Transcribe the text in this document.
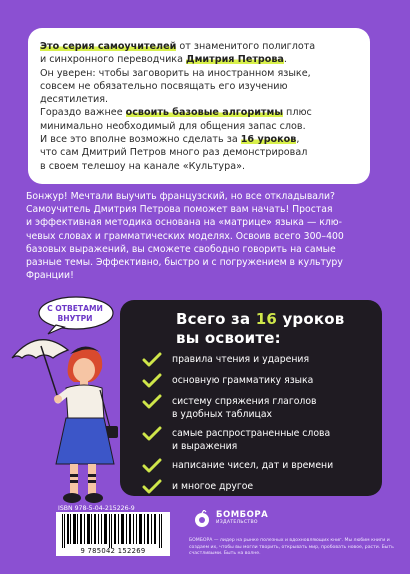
Это серия самоучителей от знаменитого полиглота

и синхронного переводчика Дмитрия Петрова.

Он уверен: чтобы заговорить на иностранном языке,

совсем не обязательно посвящать его изучению десятилетия.

Гораздо важнее освоить базовые алгоритмы плюс

минимально необходимый для общения запас слов.

И все это вполне возможно сделать за 16 уроков,

что сам Дмитрий Петров много раз демонстрировал

в своем телешоу на канале «Культура».

Бонжур! Мечтали выучить французский, но все откладывали?
Самоучитель Дмитрия Петрова поможет вам начать! Простая
и эффективная методика основана на «матрице» языка — клю-
чевых словах и грамматических моделях. Освоив всего 300–400
базовых выражений, вы сможете свободно говорить на самые
разные темы. Эффективно, быстро и с погружением в культуру
Франции!
Всего за 16 уроков
вы освоите:
правила чтения и ударения
основную грамматику языка
систему спряжения глаголов
в удобных таблицах
самые распространенные слова
и выражения
написание чисел, дат и времени
и многое другое
С ОТВЕТАМИ
ВНУТРИ
ISBN 978-5-04-215226-9
9 785042 152269
БОМБОРА
ИЗДАТЕЛЬСТВО
БОМБОРА — лидер на рынке полезных и вдохновляющих книг. Мы любим книги и создаем их, чтобы вы могли творить, открывать мир, пробовать новое, расти. Быть счастливыми. Быть на волне.
